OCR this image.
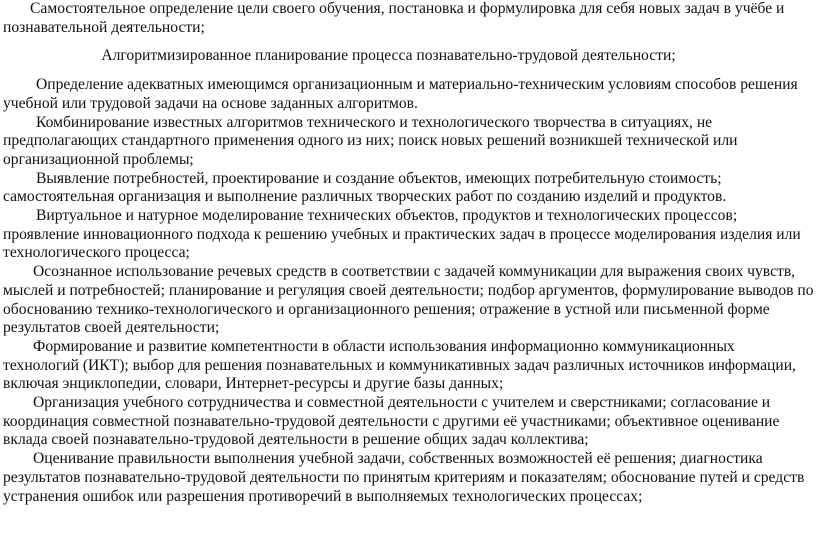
Самостоятельное определение цели своего обучения, постановка и формулировка для себя новых задач в учёбе и познавательной деятельности;

Алгоритмизированное планирование процесса познавательно-трудовой деятельности;

Определение адекватных имеющимся организационным и материально-техническим условиям способов решения учебной или трудовой задачи на основе заданных алгоритмов.

Комбинирование известных алгоритмов технического и технологического творчества в ситуациях, не предполагающих стандартного применения одного из них; поиск новых решений возникшей технической или организационной проблемы;

Выявление потребностей, проектирование и создание объектов, имеющих потребительную стоимость; самостоятельная организация и выполнение различных творческих работ по созданию изделий и продуктов.

Виртуальное и натурное моделирование технических объектов, продуктов и технологических процессов; проявление инновационного подхода к решению учебных и практических задач в процессе моделирования изделия или технологического процесса;

Осознанное использование речевых средств в соответствии с задачей коммуникации для выражения своих чувств, мыслей и потребностей; планирование и регуляция своей деятельности; подбор аргументов, формулирование выводов по обоснованию технико-технологического и организационного решения; отражение в устной или письменной форме результатов своей деятельности;

Формирование и развитие компетентности в области использования информационно коммуникационных технологий (ИКТ); выбор для решения познавательных и коммуникативных задач различных источников информации, включая энциклопедии, словари, Интернет-ресурсы и другие базы данных;

Организация учебного сотрудничества и совместной деятельности с учителем и сверстниками; согласование и координация совместной познавательно-трудовой деятельности с другими её участниками; объективное оценивание вклада своей познавательно-трудовой деятельности в решение общих задач коллектива;

Оценивание правильности выполнения учебной задачи, собственных возможностей её решения; диагностика результатов познавательно-трудовой деятельности по принятым критериям и показателям; обоснование путей и средств устранения ошибок или разрешения противоречий в выполняемых технологических процессах;
